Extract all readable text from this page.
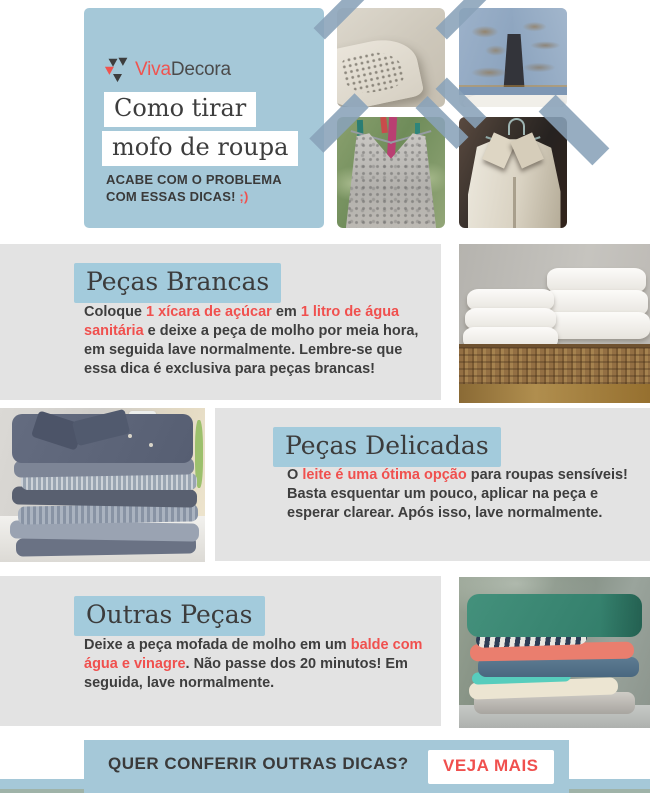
VivaDecora
Como tirar
mofo de roupa
ACABE COM O PROBLEMA
COM ESSAS DICAS! ;)
Peças Brancas
Coloque 1 xícara de açúcar em 1 litro de água sanitária e deixe a peça de molho por meia hora, em seguida lave normalmente. Lembre-se que essa dica é exclusiva para peças brancas!
Peças Delicadas
O leite é uma ótima opção para roupas sensíveis! Basta esquentar um pouco, aplicar na peça e esperar clarear. Após isso, lave normalmente.
Outras Peças
Deixe a peça mofada de molho em um balde com água e vinagre. Não passe dos 20 minutos! Em seguida, lave normalmente.
QUER CONFERIR OUTRAS DICAS?	VEJA MAIS
